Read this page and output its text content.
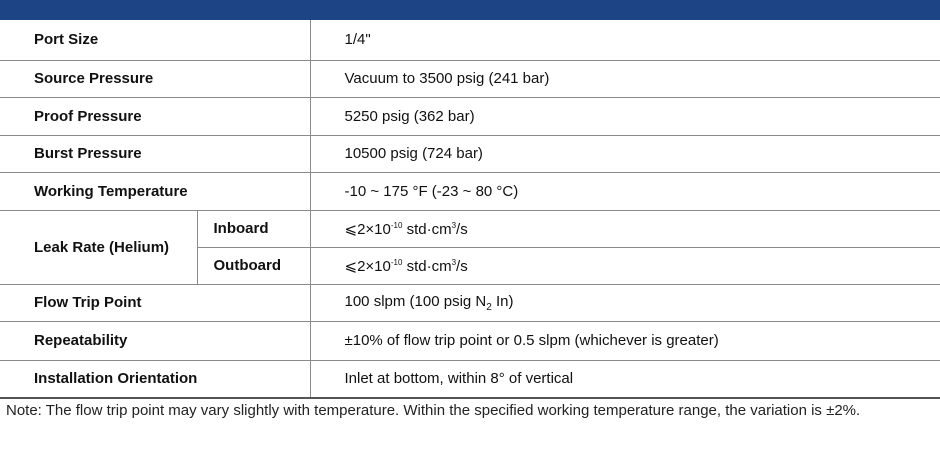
Port Size		1/4"
Source Pressure		Vacuum to 3500 psig (241 bar)
Proof Pressure		5250 psig (362 bar)
Burst Pressure		10500 psig (724 bar)
Working Temperature		-10 ~ 175 °F (-23 ~ 80 °C)
Leak Rate (Helium)	Inboard	$⩽2\times 10^{-10}$ $std\cdot cm^3/s$
	Outboard	$⩽2\times 10^{-10}$ $std\cdot cm^3/s$
Flow Trip Point		100 slpm (100 psig $N_2$ In)
Repeatability		±10% of flow trip point or 0.5 slpm (whichever is greater)
Installation Orientation		Inlet at bottom, within 8° of vertical
Note: The flow trip point may vary slightly with temperature. Within the specified working temperature range, the variation is ±2%.
